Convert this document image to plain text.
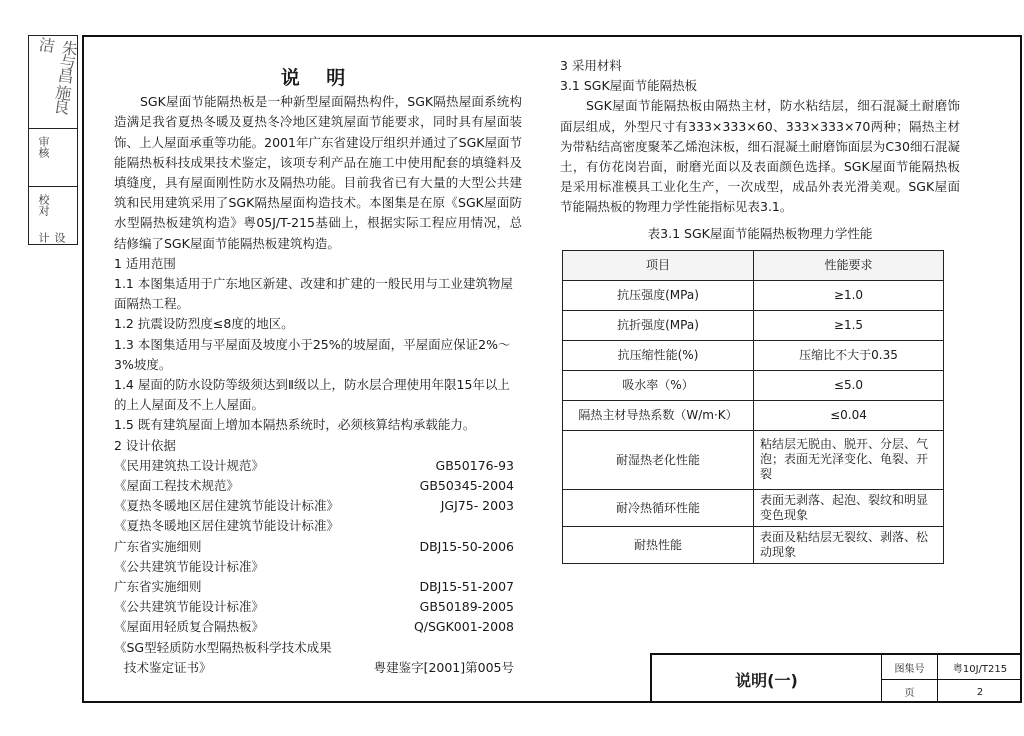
审核
校对
设计
朱与昌 施良洁

说 明

SGK屋面节能隔热板是一种新型屋面隔热构件，SGK隔热屋面系统构造满足我省夏热冬暖及夏热冬冷地区建筑屋面节能要求，同时具有屋面装饰、上人屋面承重等功能。2001年广东省建设厅组织并通过了SGK屋面节能隔热板科技成果技术鉴定，该项专利产品在施工中使用配套的填缝料及填缝度，具有屋面刚性防水及隔热功能。目前我省已有大量的大型公共建筑和民用建筑采用了SGK隔热屋面构造技术。本图集是在原《SGK屋面防水型隔热板建筑构造》粤05J/T-215基础上，根据实际工程应用情况，总结修编了SGK屋面节能隔热板建筑构造。

1 适用范围

1.1 本图集适用于广东地区新建、改建和扩建的一般民用与工业建筑物屋面隔热工程。

1.2 抗震设防烈度≤8度的地区。

1.3 本图集适用与平屋面及坡度小于25%的坡屋面，平屋面应保证2%～3%坡度。

1.4 屋面的防水设防等级须达到Ⅱ级以上，防水层合理使用年限15年以上的上人屋面及不上人屋面。

1.5 既有建筑屋面上增加本隔热系统时，必须核算结构承载能力。

2 设计依据

《民用建筑热工设计规范》	GB50176-93
《屋面工程技术规范》	GB50345-2004
《夏热冬暖地区居住建筑节能设计标准》	JGJ75- 2003
《夏热冬暖地区居住建筑节能设计标准》
广东省实施细则	DBJ15-50-2006
《公共建筑节能设计标准》
广东省实施细则	DBJ15-51-2007
《公共建筑节能设计标准》	GB50189-2005
《屋面用轻质复合隔热板》	Q/SGK001-2008
《SG型轻质防水型隔热板科学技术成果
技术鉴定证书》	粤建鉴字[2001]第005号

3 采用材料

3.1 SGK屋面节能隔热板

SGK屋面节能隔热板由隔热主材，防水粘结层，细石混凝土耐磨饰面层组成，外型尺寸有333×333×60、333×333×70两种；隔热主材为带粘结高密度聚苯乙烯泡沫板，细石混凝土耐磨饰面层为C30细石混凝土，有仿花岗岩面，耐磨光面以及表面颜色选择。SGK屋面节能隔热板是采用标准模具工业化生产，一次成型，成品外表光滑美观。SGK屋面节能隔热板的物理力学性能指标见表3.1。

表3.1 SGK屋面节能隔热板物理力学性能

项目	性能要求
抗压强度(MPa)	≥1.0
抗折强度(MPa)	≥1.5
抗压缩性能(%)	压缩比不大于0.35
吸水率（%）	≤5.0
隔热主材导热系数（W/m·K）	≤0.04
耐湿热老化性能	粘结层无脱由、脱开、分层、气泡；表面无光泽变化、龟裂、开裂
耐冷热循环性能	表面无剥落、起泡、裂纹和明显变色现象
耐热性能	表面及粘结层无裂纹、剥落、松动现象
说明(一)
图集号	粤10J/T215
页	2
